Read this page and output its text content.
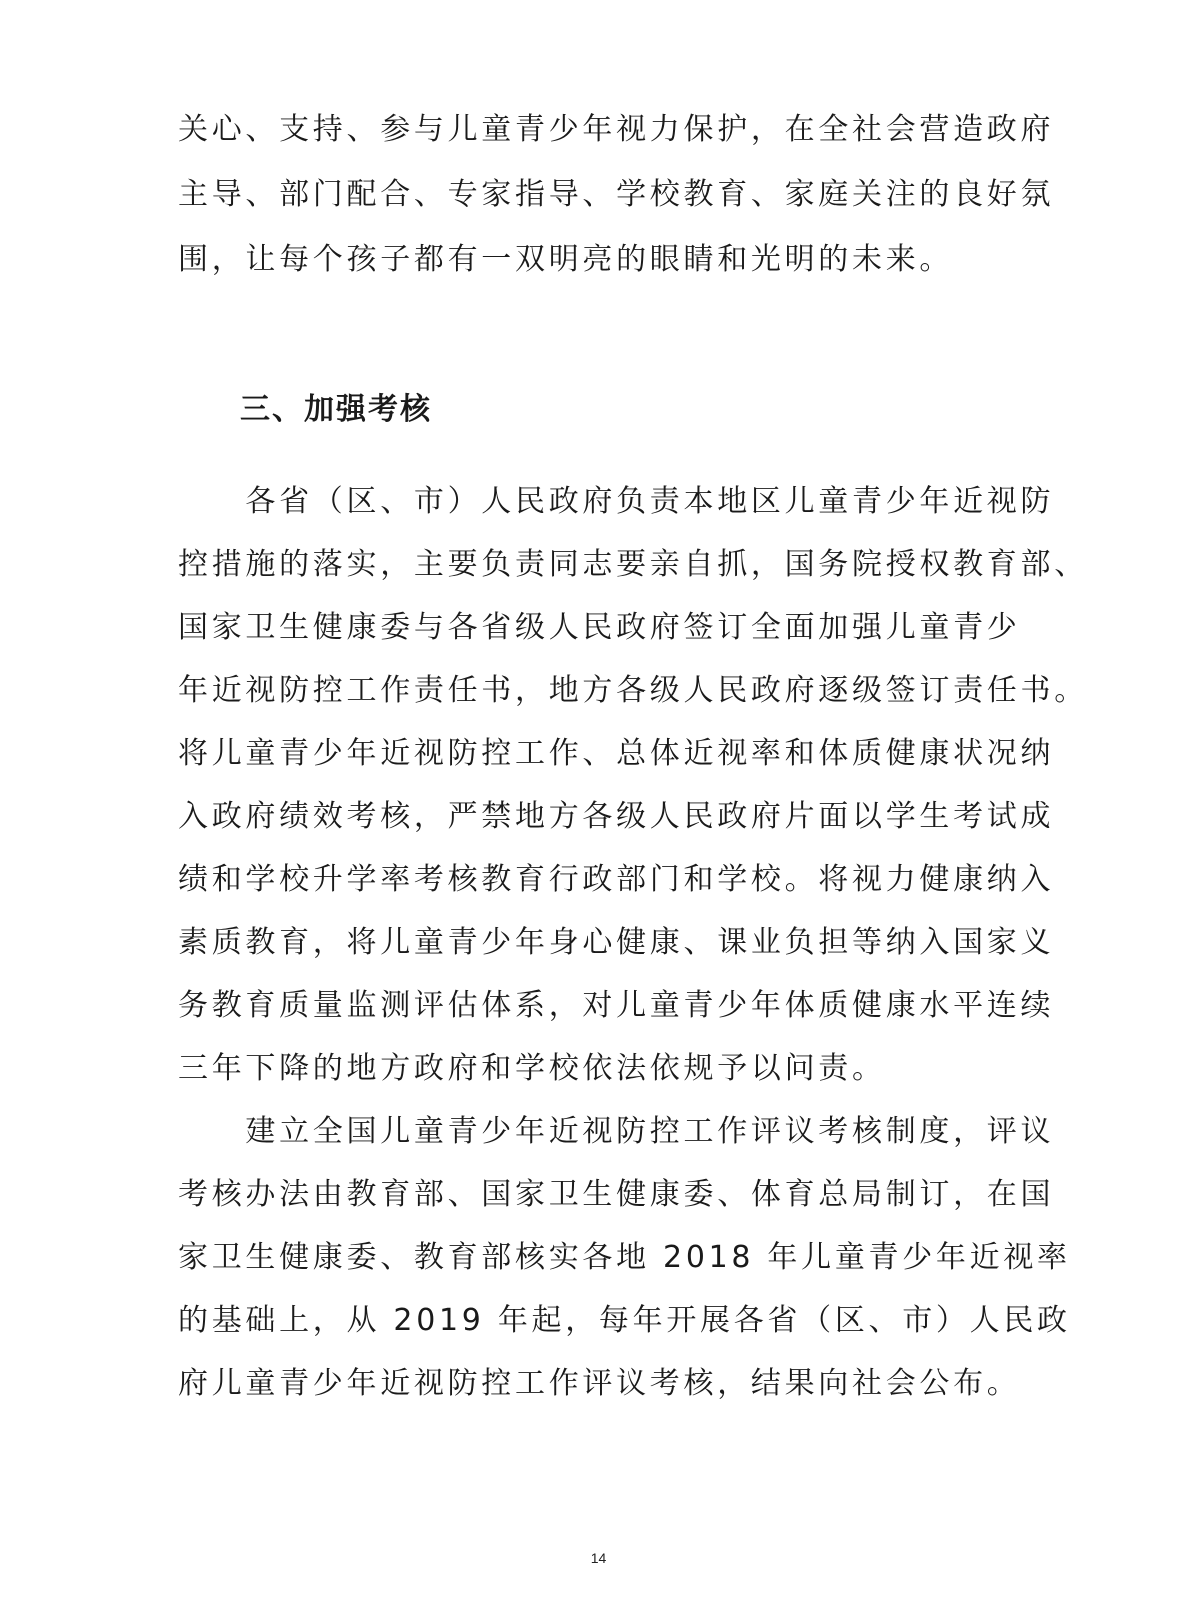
关心、支持、参与儿童青少年视力保护，在全社会营造政府
主导、部门配合、专家指导、学校教育、家庭关注的良好氛
围，让每个孩子都有一双明亮的眼睛和光明的未来。
三、加强考核
　　各省（区、市）人民政府负责本地区儿童青少年近视防
控措施的落实，主要负责同志要亲自抓，国务院授权教育部、
国家卫生健康委与各省级人民政府签订全面加强儿童青少
年近视防控工作责任书，地方各级人民政府逐级签订责任书。
将儿童青少年近视防控工作、总体近视率和体质健康状况纳
入政府绩效考核，严禁地方各级人民政府片面以学生考试成
绩和学校升学率考核教育行政部门和学校。将视力健康纳入
素质教育，将儿童青少年身心健康、课业负担等纳入国家义
务教育质量监测评估体系，对儿童青少年体质健康水平连续
三年下降的地方政府和学校依法依规予以问责。
　　建立全国儿童青少年近视防控工作评议考核制度，评议
考核办法由教育部、国家卫生健康委、体育总局制订，在国
家卫生健康委、教育部核实各地 2018 年儿童青少年近视率
的基础上，从 2019 年起，每年开展各省（区、市）人民政
府儿童青少年近视防控工作评议考核，结果向社会公布。
14
